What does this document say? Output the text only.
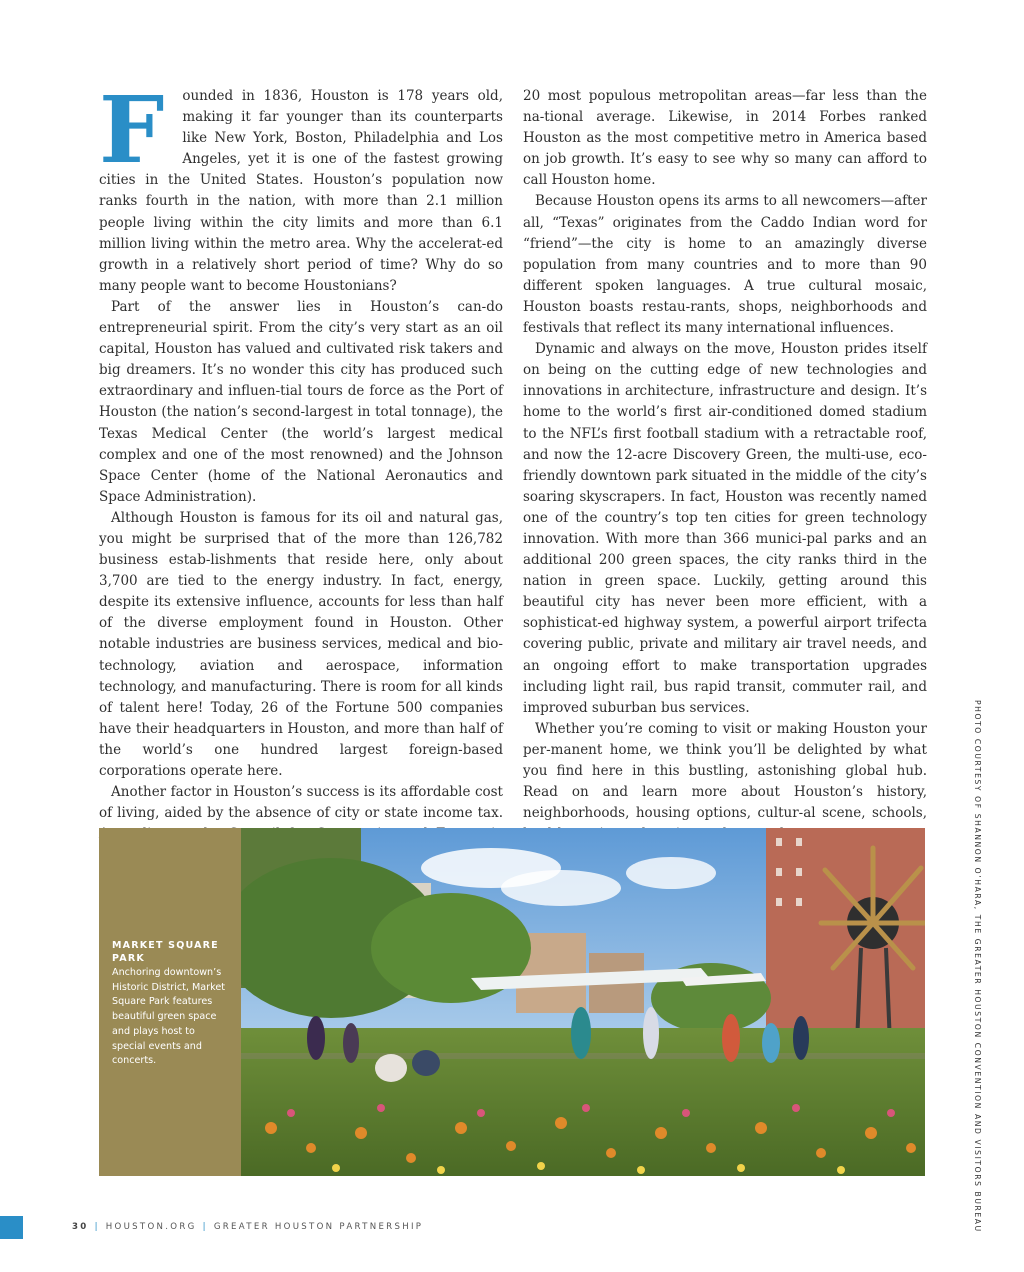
F ounded in 1836, Houston is 178 years old, making it far younger than its counterparts like New York, Boston, Philadelphia and Los Angeles, yet it is one of the fastest growing cities in the United States. Houston’s population now ranks fourth in the nation, with more than 2.1 million people living within the city limits and more than 6.1 million living within the metro area. Why the accelerat-ed growth in a relatively short period of time? Why do so many people want to become Houstonians?

Part of the answer lies in Houston’s can-do entrepreneurial spirit. From the city’s very start as an oil capital, Houston has valued and cultivated risk takers and big dreamers. It’s no wonder this city has produced such extraordinary and influen-tial tours de force as the Port of Houston (the nation’s second-largest in total tonnage), the Texas Medical Center (the world’s largest medical complex and one of the most renowned) and the Johnson Space Center (home of the National Aeronautics and Space Administration).

Although Houston is famous for its oil and natural gas, you might be surprised that of the more than 126,782 business estab-lishments that reside here, only about 3,700 are tied to the energy industry. In fact, energy, despite its extensive influence, accounts for less than half of the diverse employment found in Houston. Other notable industries are business services, medical and bio-technology, aviation and aerospace, information technology, and manufacturing. There is room for all kinds of talent here! Today, 26 of the Fortune 500 companies have their headquarters in Houston, and more than half of the world’s one hundred largest foreign-based corporations operate here.

Another factor in Houston’s success is its affordable cost of living, aided by the absence of city or state income tax.

20 most populous metropolitan areas—far less than the na-tional average. Likewise, in 2014 Forbes ranked Houston as the most competitive metro in America based on job growth. It’s easy to see why so many can afford to call Houston home.

Because Houston opens its arms to all newcomers—after all, “Texas” originates from the Caddo Indian word for “friend”—the city is home to an amazingly diverse population from many countries and to more than 90 different spoken languages. A true cultural mosaic, Houston boasts restau-rants, shops, neighborhoods and festivals that reflect its many international influences.

Dynamic and always on the move, Houston prides itself on being on the cutting edge of new technologies and innovations in architecture, infrastructure and design. It’s home to the world’s first air-conditioned domed stadium to the NFL’s first football stadium with a retractable roof, and now the 12-acre Discovery Green, the multi-use, eco-friendly downtown park situated in the middle of the city’s soaring skyscrapers. In fact, Houston was recently named one of the country’s top ten cities for green technology innovation. With more than 366 munici-pal parks and an additional 200 green spaces, the city ranks third in the nation in green space. Luckily, getting around this beautiful city has never been more efficient, with a sophisticat-ed highway system, a powerful airport trifecta covering public, private and military air travel needs, and an ongoing effort to make transportation upgrades including light rail, bus rapid transit, commuter rail, and improved suburban bus services.

Whether you’re coming to visit or making Houston your per-manent home, we think you’ll be delighted by what you find here in this bustling, astonishing global hub. Read on and learn more about Houston’s history, neighborhoods, housing options, cultur-al scene, schools,

MARKET SQUARE PARK
Anchoring downtown’s Historic District, Market Square Park features beautiful green space and plays host to special events and concerts.	PHOTO COURTESY OF SHANNON O’HARA, THE GREATER HOUSTON CONVENTION AND VISITORS BUREAU
30 | HOUSTON.ORG | GREATER HOUSTON PARTNERSHIP
